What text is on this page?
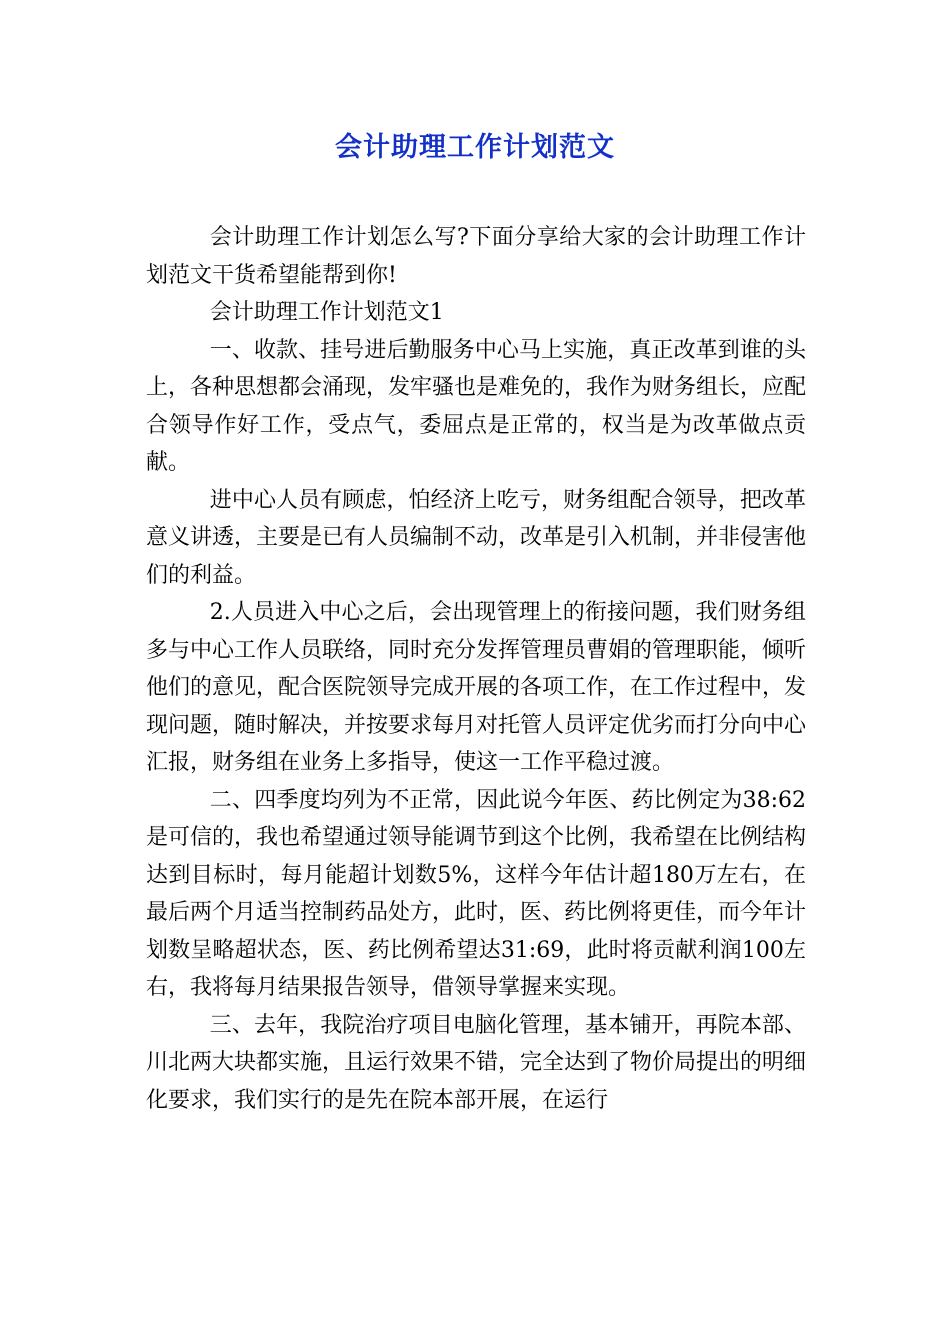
会计助理工作计划范文

会计助理工作计划怎么写?下面分享给大家的会计助理工作计划范文干货希望能帮到你!

会计助理工作计划范文1

一、收款、挂号进后勤服务中心马上实施，真正改革到谁的头上，各种思想都会涌现，发牢骚也是难免的，我作为财务组长，应配合领导作好工作，受点气，委屈点是正常的，权当是为改革做点贡献。

进中心人员有顾虑，怕经济上吃亏，财务组配合领导，把改革意义讲透，主要是已有人员编制不动，改革是引入机制，并非侵害他们的利益。

2.人员进入中心之后，会出现管理上的衔接问题，我们财务组多与中心工作人员联络，同时充分发挥管理员曹娟的管理职能，倾听他们的意见，配合医院领导完成开展的各项工作，在工作过程中，发现问题，随时解决，并按要求每月对托管人员评定优劣而打分向中心汇报，财务组在业务上多指导，使这一工作平稳过渡。

二、四季度均列为不正常，因此说今年医、药比例定为38:62是可信的，我也希望通过领导能调节到这个比例，我希望在比例结构达到目标时，每月能超计划数5%，这样今年估计超180万左右，在最后两个月适当控制药品处方，此时，医、药比例将更佳，而今年计划数呈略超状态，医、药比例希望达31:69，此时将贡献利润100左右，我将每月结果报告领导，借领导掌握来实现。

三、去年，我院治疗项目电脑化管理，基本铺开，再院本部、川北两大块都实施，且运行效果不错，完全达到了物价局提出的明细化要求，我们实行的是先在院本部开展，在运行
